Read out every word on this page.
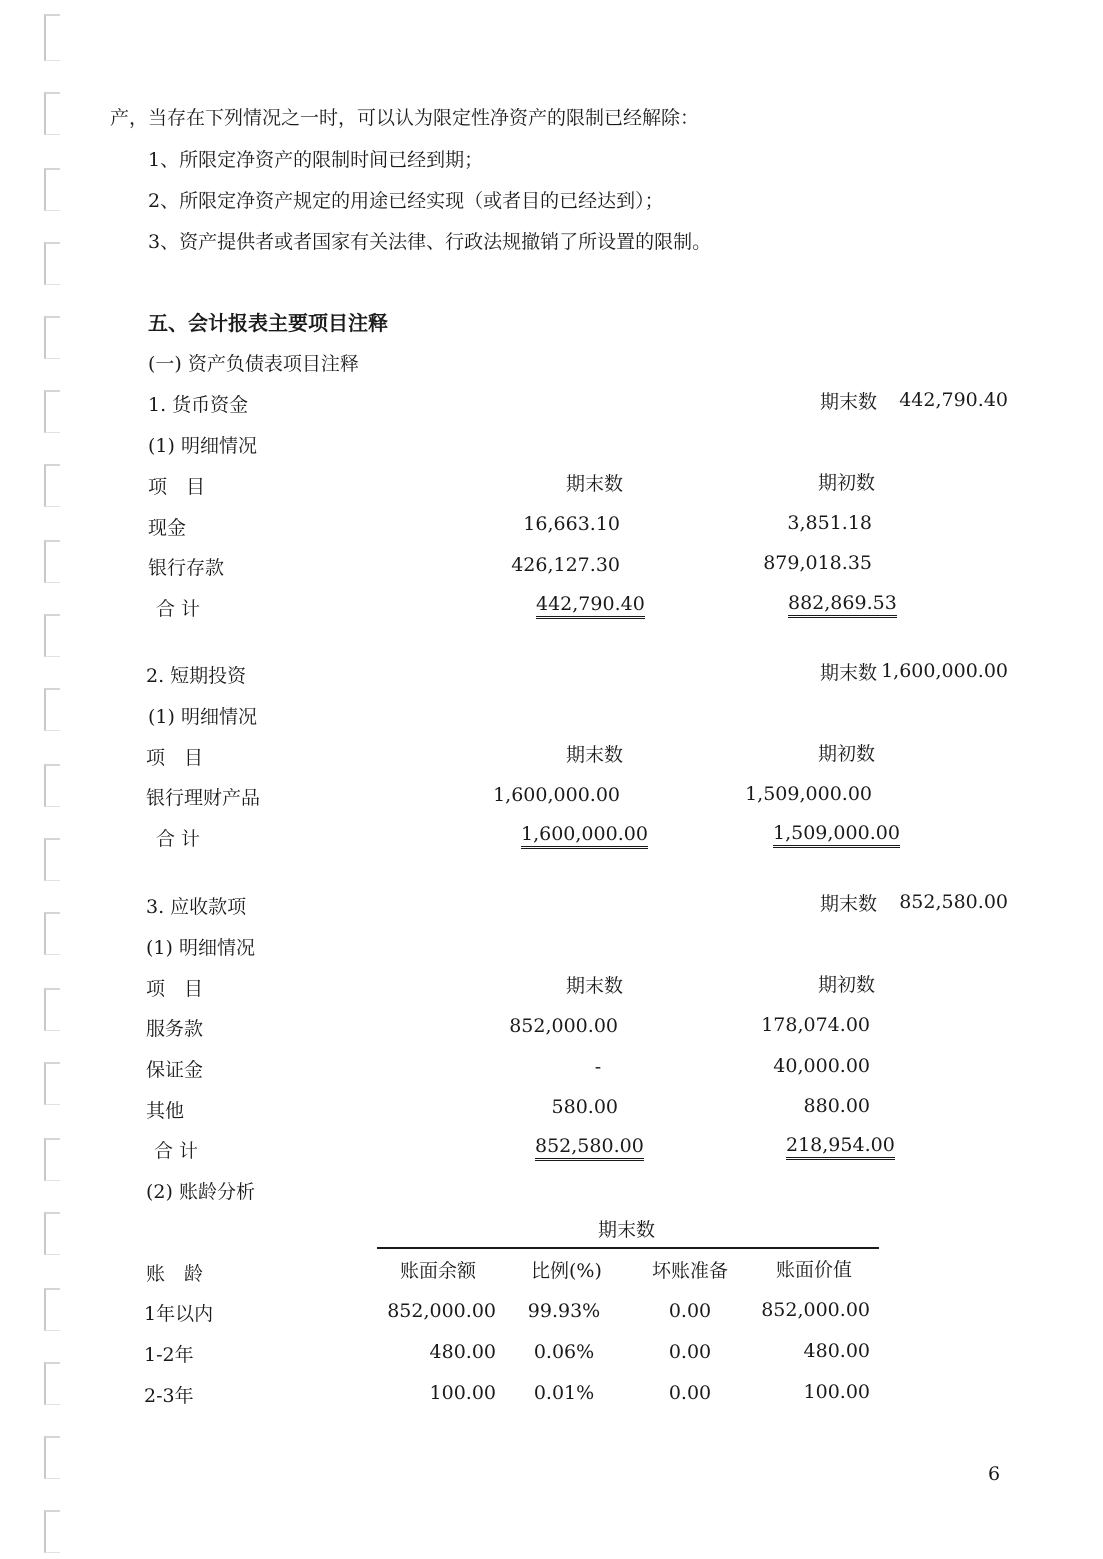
产，当存在下列情况之一时，可以认为限定性净资产的限制已经解除：
1、所限定净资产的限制时间已经到期；
2、所限定净资产规定的用途已经实现（或者目的已经达到）；
3、资产提供者或者国家有关法律、行政法规撤销了所设置的限制。
五、会计报表主要项目注释
(一) 资产负债表项目注释
1. 货币资金	期末数	442,790.40
(1) 明细情况
项　目	期末数	期初数
现金	16,663.10	3,851.18
银行存款	426,127.30	879,018.35
合 计	442,790.40	882,869.53
2. 短期投资	期末数 1,600,000.00
(1) 明细情况
项　目	期末数	期初数
银行理财产品	1,600,000.00	1,509,000.00
合 计	1,600,000.00	1,509,000.00
3. 应收款项	期末数	852,580.00
(1) 明细情况
项　目	期末数	期初数
服务款	852,000.00	178,074.00
保证金	-	40,000.00
其他	580.00	880.00
合 计	852,580.00	218,954.00
(2) 账龄分析
期末数
账　龄	账面余额	比例(%)	坏账准备	账面价值
1年以内	852,000.00	99.93%	0.00	852,000.00
1-2年	480.00	0.06%	0.00	480.00
2-3年	100.00	0.01%	0.00	100.00
6
